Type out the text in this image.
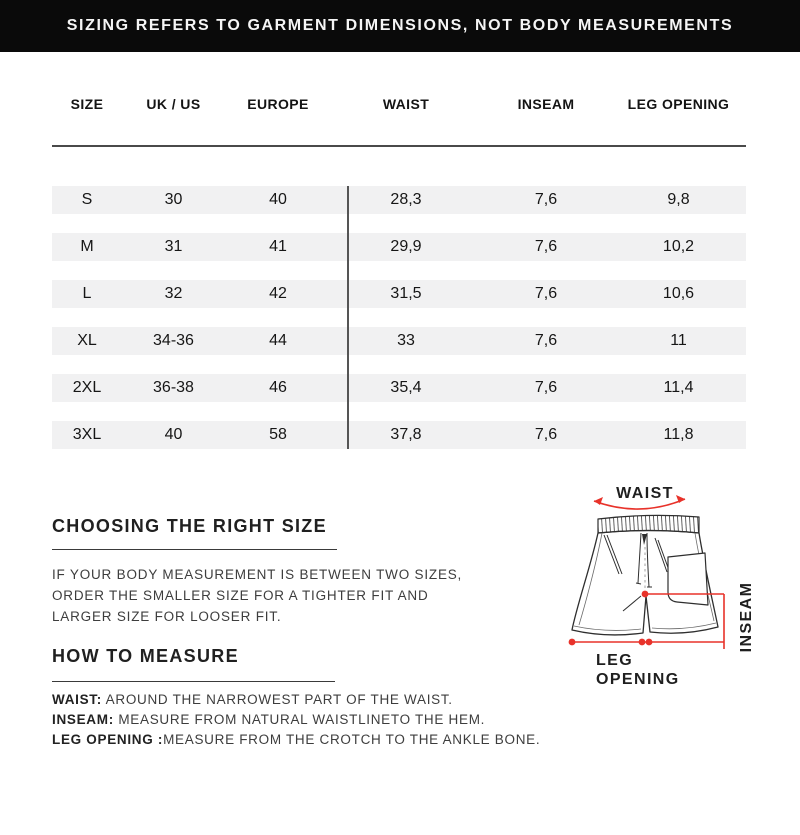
SIZING REFERS TO GARMENT DIMENSIONS, NOT BODY MEASUREMENTS
SIZE	UK / US	EUROPE	WAIST	INSEAM	LEG OPENING
S	30	40	28,3	7,6	9,8
M	31	41	29,9	7,6	10,2
L	32	42	31,5	7,6	10,6
XL	34-36	44	33	7,6	11
2XL	36-38	46	35,4	7,6	11,4
3XL	40	58	37,8	7,6	11,8
CHOOSING THE RIGHT SIZE
IF YOUR BODY MEASUREMENT IS BETWEEN TWO SIZES,
ORDER THE SMALLER SIZE FOR A TIGHTER FIT AND
LARGER SIZE FOR LOOSER FIT.
HOW TO MEASURE
WAIST: AROUND THE NARROWEST PART OF THE WAIST.
INSEAM: MEASURE FROM NATURAL WAISTLINETO THE HEM.
LEG OPENING :MEASURE FROM THE CROTCH TO THE ANKLE BONE.
WAIST
INSEAM
LEG
OPENING
